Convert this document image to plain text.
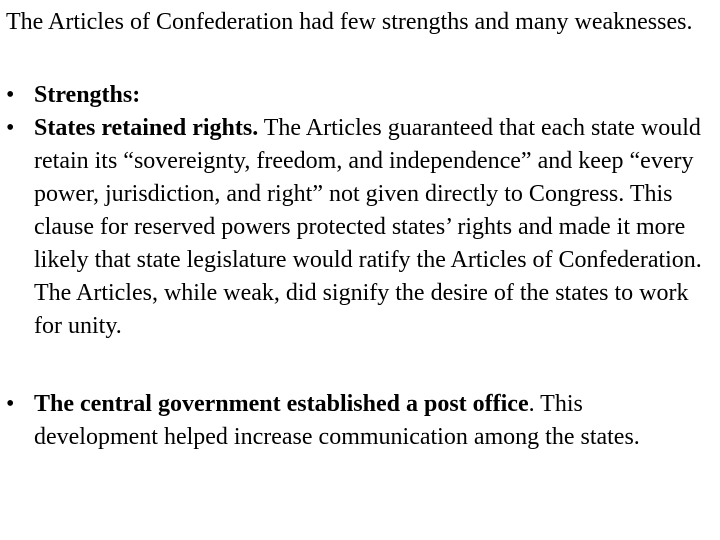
The Articles of Confederation had few strengths and many weaknesses.

• Strengths:

• States retained rights. The Articles guaranteed that each state would retain its “sovereignty, freedom, and independence” and keep “every power, jurisdiction, and right” not given directly to Congress. This clause for reserved powers protected states’ rights and made it more likely that state legislature would ratify the Articles of Confederation. The Articles, while weak, did signify the desire of the states to work for unity.

• The central government established a post office. This development helped increase communication among the states.
